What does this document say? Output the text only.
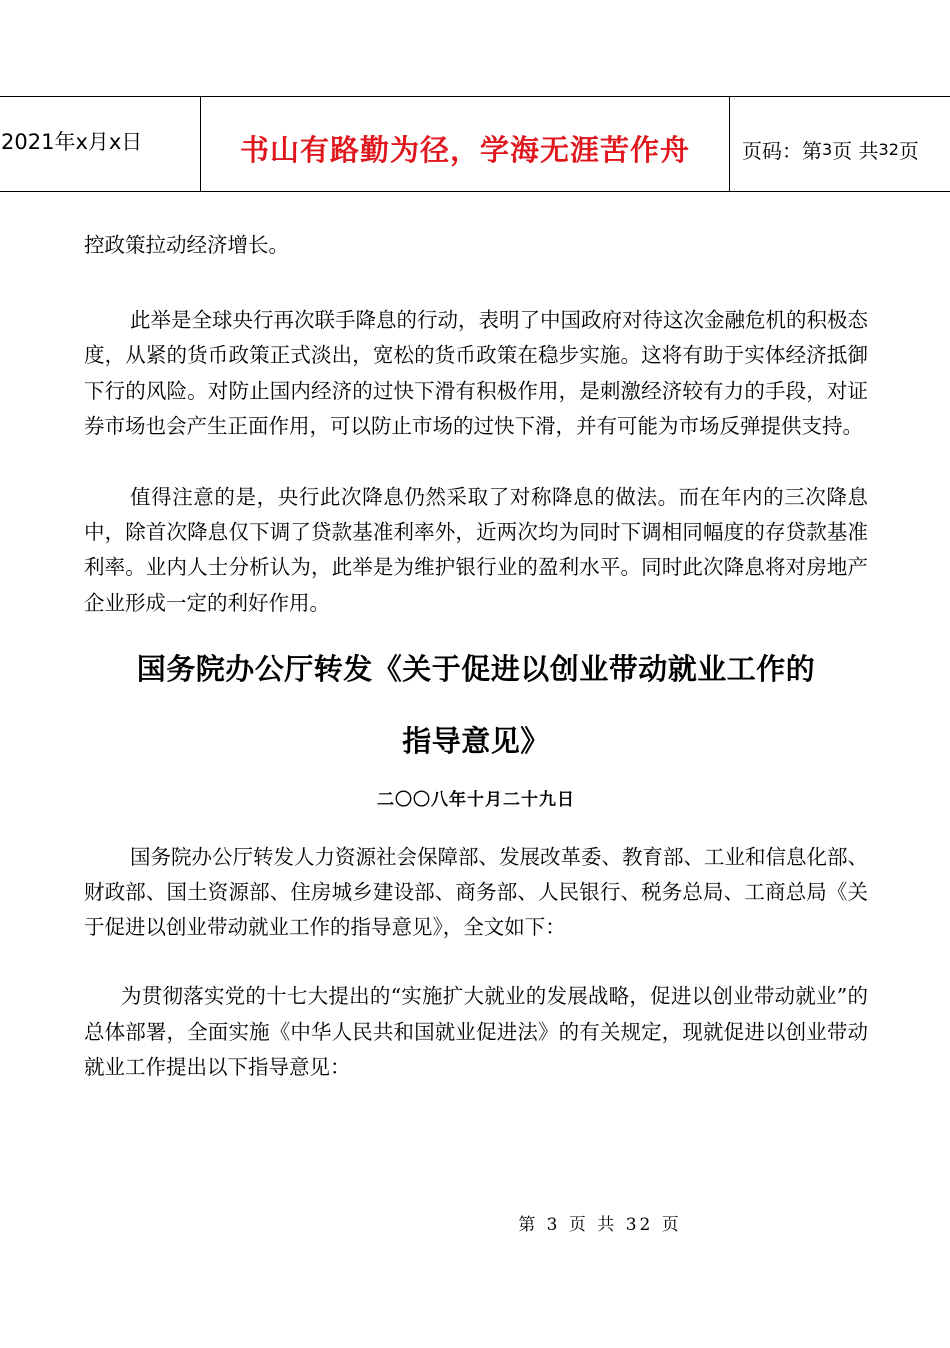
2021年x月x日	书山有路勤为径，学海无涯苦作舟	页码：第 3 页 共 32 页

控政策拉动经济增长。

此举是全球央行再次联手降息的行动，表明了中国政府对待这次金融危机的积极态度，从紧的货币政策正式淡出，宽松的货币政策在稳步实施。这将有助于实体经济抵御下行的风险。对防止国内经济的过快下滑有积极作用，是刺激经济较有力的手段，对证券市场也会产生正面作用，可以防止市场的过快下滑，并有可能为市场反弹提供支持。

值得注意的是，央行此次降息仍然采取了对称降息的做法。而在年内的三次降息中，除首次降息仅下调了贷款基准利率外，近两次均为同时下调相同幅度的存贷款基准利率。业内人士分析认为，此举是为维护银行业的盈利水平。同时此次降息将对房地产企业形成一定的利好作用。

国务院办公厅转发《关于促进以创业带动就业工作的
指导意见》
二〇〇八年十月二十九日

国务院办公厅转发人力资源社会保障部、发展改革委、教育部、工业和信息化部、财政部、国土资源部、住房城乡建设部、商务部、人民银行、税务总局、工商总局《关于促进以创业带动就业工作的指导意见》，全文如下：

为贯彻落实党的十七大提出的“实施扩大就业的发展战略，促进以创业带动就业”的总体部署，全面实施《中华人民共和国就业促进法》的有关规定，现就促进以创业带动就业工作提出以下指导意见：

第 3 页 共 32 页
